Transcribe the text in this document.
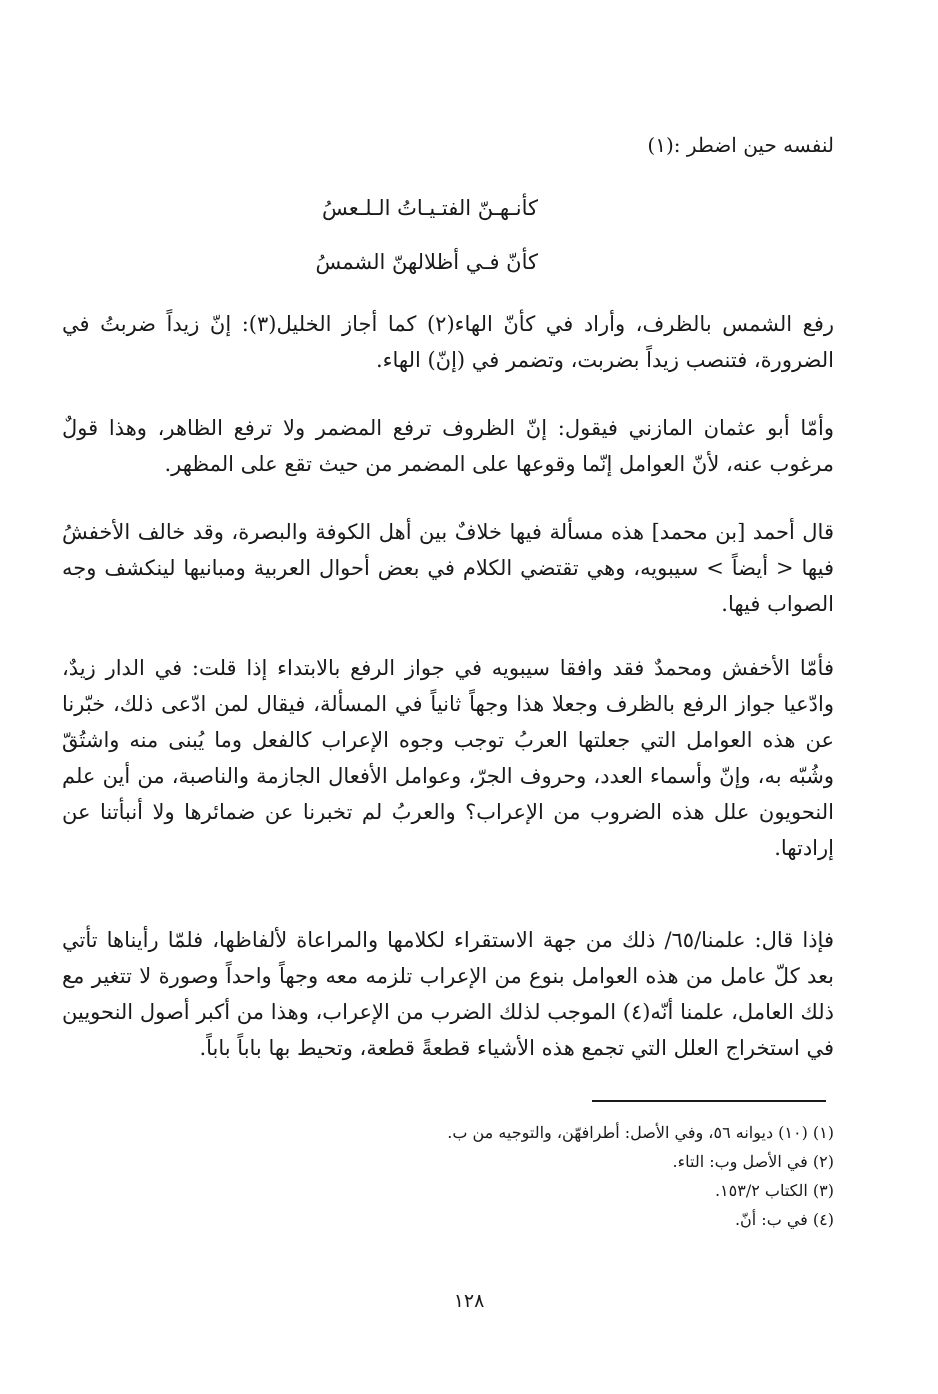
لنفسه حين اضطر :(١)

كأنـهـنّ الفتـيـاتُ الـلـعسُ

كأنّ فـي أظلالهنّ الشمسُ

رفع الشمس بالظرف، وأراد في كأنّ الهاء(٢) كما أجاز الخليل(٣): إنّ زيداً ضربتُ في الضرورة، فتنصب زيداً بضربت، وتضمر في (إنّ) الهاء.

وأمّا أبو عثمان المازني فيقول: إنّ الظروف ترفع المضمر ولا ترفع الظاهر، وهذا قولٌ مرغوب عنه، لأنّ العوامل إنّما وقوعها على المضمر من حيث تقع على المظهر.

قال أحمد [بن محمد] هذه مسألة فيها خلافٌ بين أهل الكوفة والبصرة، وقد خالف الأخفشُ فيها < أيضاً > سيبويه، وهي تقتضي الكلام في بعض أحوال العربية ومبانيها لينكشف وجه الصواب فيها.

فأمّا الأخفش ومحمدٌ فقد وافقا سيبويه في جواز الرفع بالابتداء إذا قلت: في الدار زيدٌ، وادّعيا جواز الرفع بالظرف وجعلا هذا وجهاً ثانياً في المسألة، فيقال لمن ادّعى ذلك، خبّرنا عن هذه العوامل التي جعلتها العربُ توجب وجوه الإعراب كالفعل وما يُبنى منه واشتُقّ وشُبّه به، وإنّ وأسماء العدد، وحروف الجرّ، وعوامل الأفعال الجازمة والناصبة، من أين علم النحويون علل هذه الضروب من الإعراب؟ والعربُ لم تخبرنا عن ضمائرها ولا أنبأتنا عن إرادتها.

فإذا قال: علمنا/٦٥/ ذلك من جهة الاستقراء لكلامها والمراعاة لألفاظها، فلمّا رأيناها تأتي بعد كلّ عامل من هذه العوامل بنوع من الإعراب تلزمه معه وجهاً واحداً وصورة لا تتغير مع ذلك العامل، علمنا أنّه(٤) الموجب لذلك الضرب من الإعراب، وهذا من أكبر أصول النحويين في استخراج العلل التي تجمع هذه الأشياء قطعةً قطعة، وتحيط بها باباً باباً.

(١) (١٠) ديوانه ٥٦، وفي الأصل: أطرافهّن، والتوجيه من ب.
(٢) في الأصل وب: التاء.
(٣) الكتاب ١٥٣/٢.
(٤) في ب: أنّ.

١٢٨
